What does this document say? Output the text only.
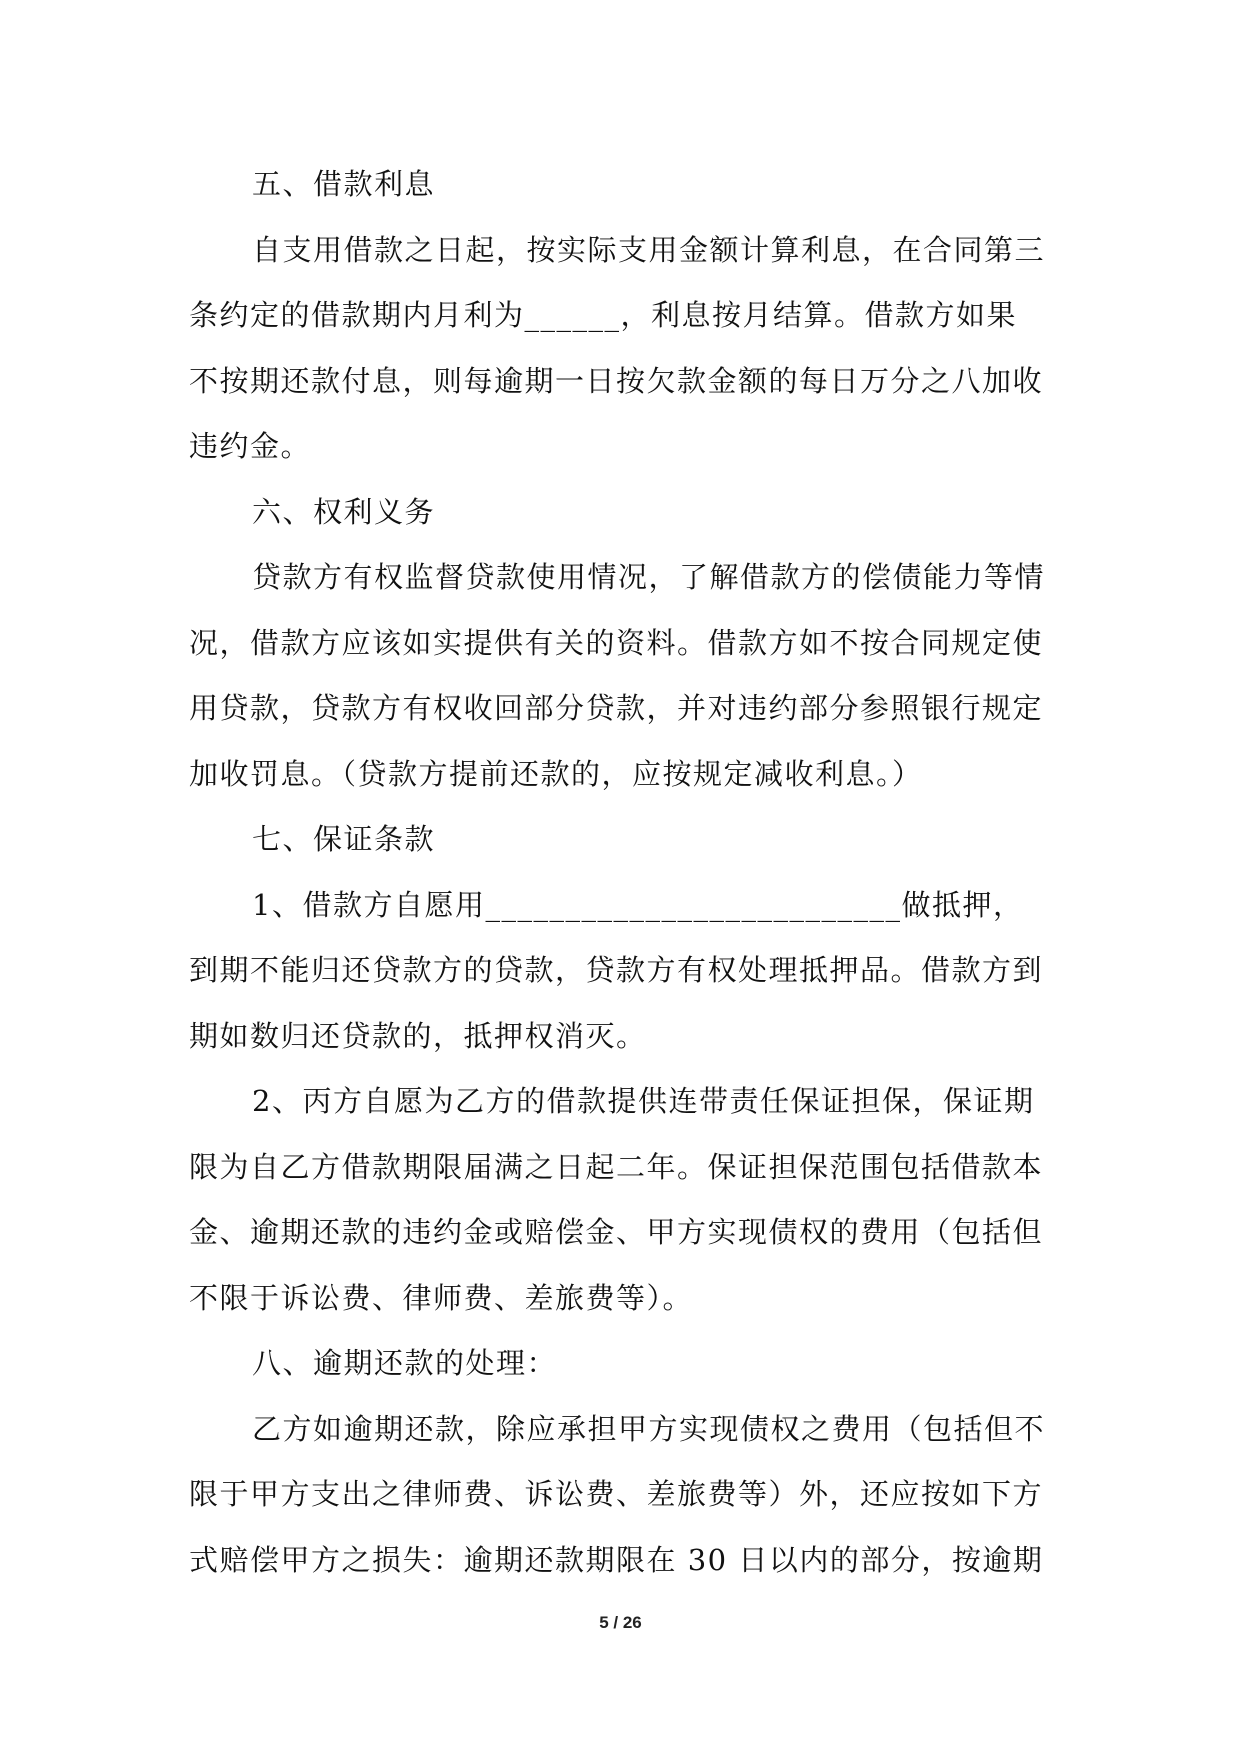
五、借款利息
自支用借款之日起，按实际支用金额计算利息，在合同第三
条约定的借款期内月利为______，利息按月结算。借款方如果
不按期还款付息，则每逾期一日按欠款金额的每日万分之八加收
违约金。
六、权利义务
贷款方有权监督贷款使用情况，了解借款方的偿债能力等情
况，借款方应该如实提供有关的资料。借款方如不按合同规定使
用贷款，贷款方有权收回部分贷款，并对违约部分参照银行规定
加收罚息。（贷款方提前还款的，应按规定减收利息。）
七、保证条款
1、借款方自愿用__________________________做抵押，
到期不能归还贷款方的贷款，贷款方有权处理抵押品。借款方到
期如数归还贷款的，抵押权消灭。
2、丙方自愿为乙方的借款提供连带责任保证担保，保证期
限为自乙方借款期限届满之日起二年。保证担保范围包括借款本
金、逾期还款的违约金或赔偿金、甲方实现债权的费用（包括但
不限于诉讼费、律师费、差旅费等）。
八、逾期还款的处理：
乙方如逾期还款，除应承担甲方实现债权之费用（包括但不
限于甲方支出之律师费、诉讼费、差旅费等）外，还应按如下方
式赔偿甲方之损失：逾期还款期限在 30 日以内的部分，按逾期
5 / 26
